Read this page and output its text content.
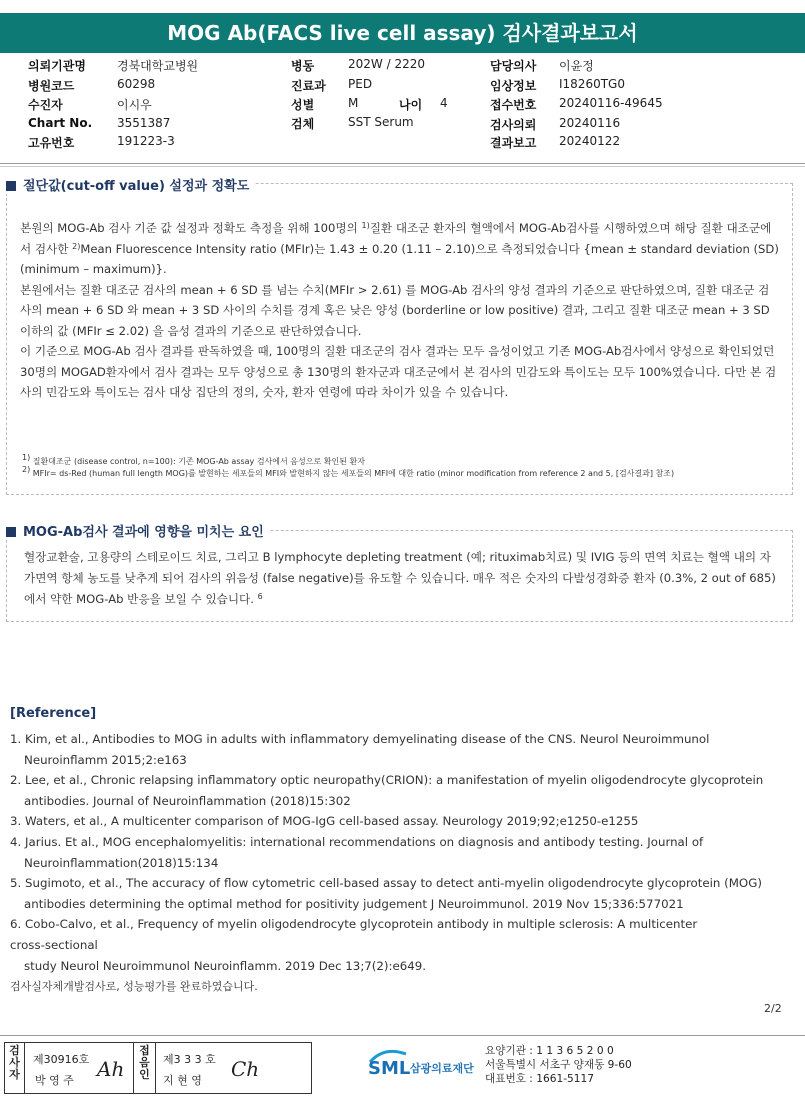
MOG Ab(FACS live cell assay) 검사결과보고서
의뢰기관명	경북대학교병원
병원코드	60298
수진자	이시우
Chart No. 3551387
고유번호	191223-3
병동	202W / 2220
진료과 PED
성별	M	나이 4
검체	SST Serum
담당의사 이윤정
임상정보 I18260TG0
접수번호 20240116-49645
검사의뢰 20240116
결과보고 20240122
절단값(cut-off value) 설정과 정확도

본원의 MOG-Ab 검사 기준 값 설정과 정확도 측정을 위해 100명의 $^{1)}$질환 대조군 환자의 혈액에서 MOG-Ab검사를 시행하였으며 해당 질환 대조군에서 검사한 $^{2)}$Mean Fluorescence Intensity ratio (MFIr)는 1.43 ± 0.20 (1.11 – 2.10)으로 측정되었습니다 {mean ± standard deviation (SD) (minimum – maximum)}.

본원에서는 질환 대조군 검사의 mean + 6 SD 를 넘는 수치(MFIr > 2.61) 를 MOG-Ab 검사의 양성 결과의 기준으로 판단하였으며, 질환 대조군 검사의 mean + 6 SD 와 mean + 3 SD 사이의 수치를 경계 혹은 낮은 양성 (borderline or low positive) 결과, 그리고 질환 대조군 mean + 3 SD 이하의 값 (MFIr ≤ 2.02) 을 음성 결과의 기준으로 판단하였습니다.

이 기준으로 MOG-Ab 검사 결과를 판독하였을 때, 100명의 질환 대조군의 검사 결과는 모두 음성이었고 기존 MOG-Ab검사에서 양성으로 확인되었던 30명의 MOGAD환자에서 검사 결과는 모두 양성으로 총 130명의 환자군과 대조군에서 본 검사의 민감도와 특이도는 모두 100%였습니다. 다만 본 검사의 민감도와 특이도는 검사 대상 집단의 정의, 숫자, 환자 연령에 따라 차이가 있을 수 있습니다.

$^{1)}$ 질환대조군 (disease control, n=100): 기존 MOG-Ab assay 검사에서 음성으로 확인된 환자
$^{2)}$ MFIr= ds-Red (human full length MOG)를 발현하는 세포들의 MFI와 발현하지 않는 세포들의 MFI에 대한 ratio (minor modification from reference 2 and 5, [검사결과] 참조)
MOG-Ab검사 결과에 영향을 미치는 요인

혈장교환술, 고용량의 스테로이드 치료, 그리고 B lymphocyte depleting treatment (예; rituximab치료) 및 IVIG 등의 면역 치료는 혈액 내의 자가면역 항체 농도를 낮추게 되어 검사의 위음성 (false negative)를 유도할 수 있습니다. 매우 적은 숫자의 다발성경화증 환자 (0.3%, 2 out of 685)에서 약한 MOG-Ab 반응을 보일 수 있습니다. $^6$

[Reference]

1. Kim, et al., Antibodies to MOG in adults with inflammatory demyelinating disease of the CNS. Neurol Neuroimmunol
Neuroinflamm 2015;2:e163

2. Lee, et al., Chronic relapsing inflammatory optic neuropathy(CRION): a manifestation of myelin oligodendrocyte glycoprotein
antibodies. Journal of Neuroinflammation (2018)15:302

3. Waters, et al., A multicenter comparison of MOG-IgG cell-based assay. Neurology 2019;92;e1250-e1255

4. Jarius. Et al., MOG encephalomyelitis: international recommendations on diagnosis and antibody testing. Journal of
Neuroinflammation(2018)15:134

5. Sugimoto, et al., The accuracy of flow cytometric cell-based assay to detect anti-myelin oligodendrocyte glycoprotein (MOG)
antibodies determining the optimal method for positivity judgement J Neuroimmunol. 2019 Nov 15;336:577021

6. Cobo-Calvo, et al., Frequency of myelin oligodendrocyte glycoprotein antibody in multiple sclerosis: A multicenter
cross-sectional
study Neurol Neuroimmunol Neuroinflamm. 2019 Dec 13;7(2):e649.

검사실자체개발검사로, 성능평가를 완료하였습니다.
2/2
검
사
자
제30916호
박 영 주 Ah
접
음
인
제3 3 3 호
지 현 영 Ch	SML 삼광의료재단
요양기관 : 1 1 3 6 5 2 0 0
서울특별시 서초구 양재동 9-60
대표번호 : 1661-5117
